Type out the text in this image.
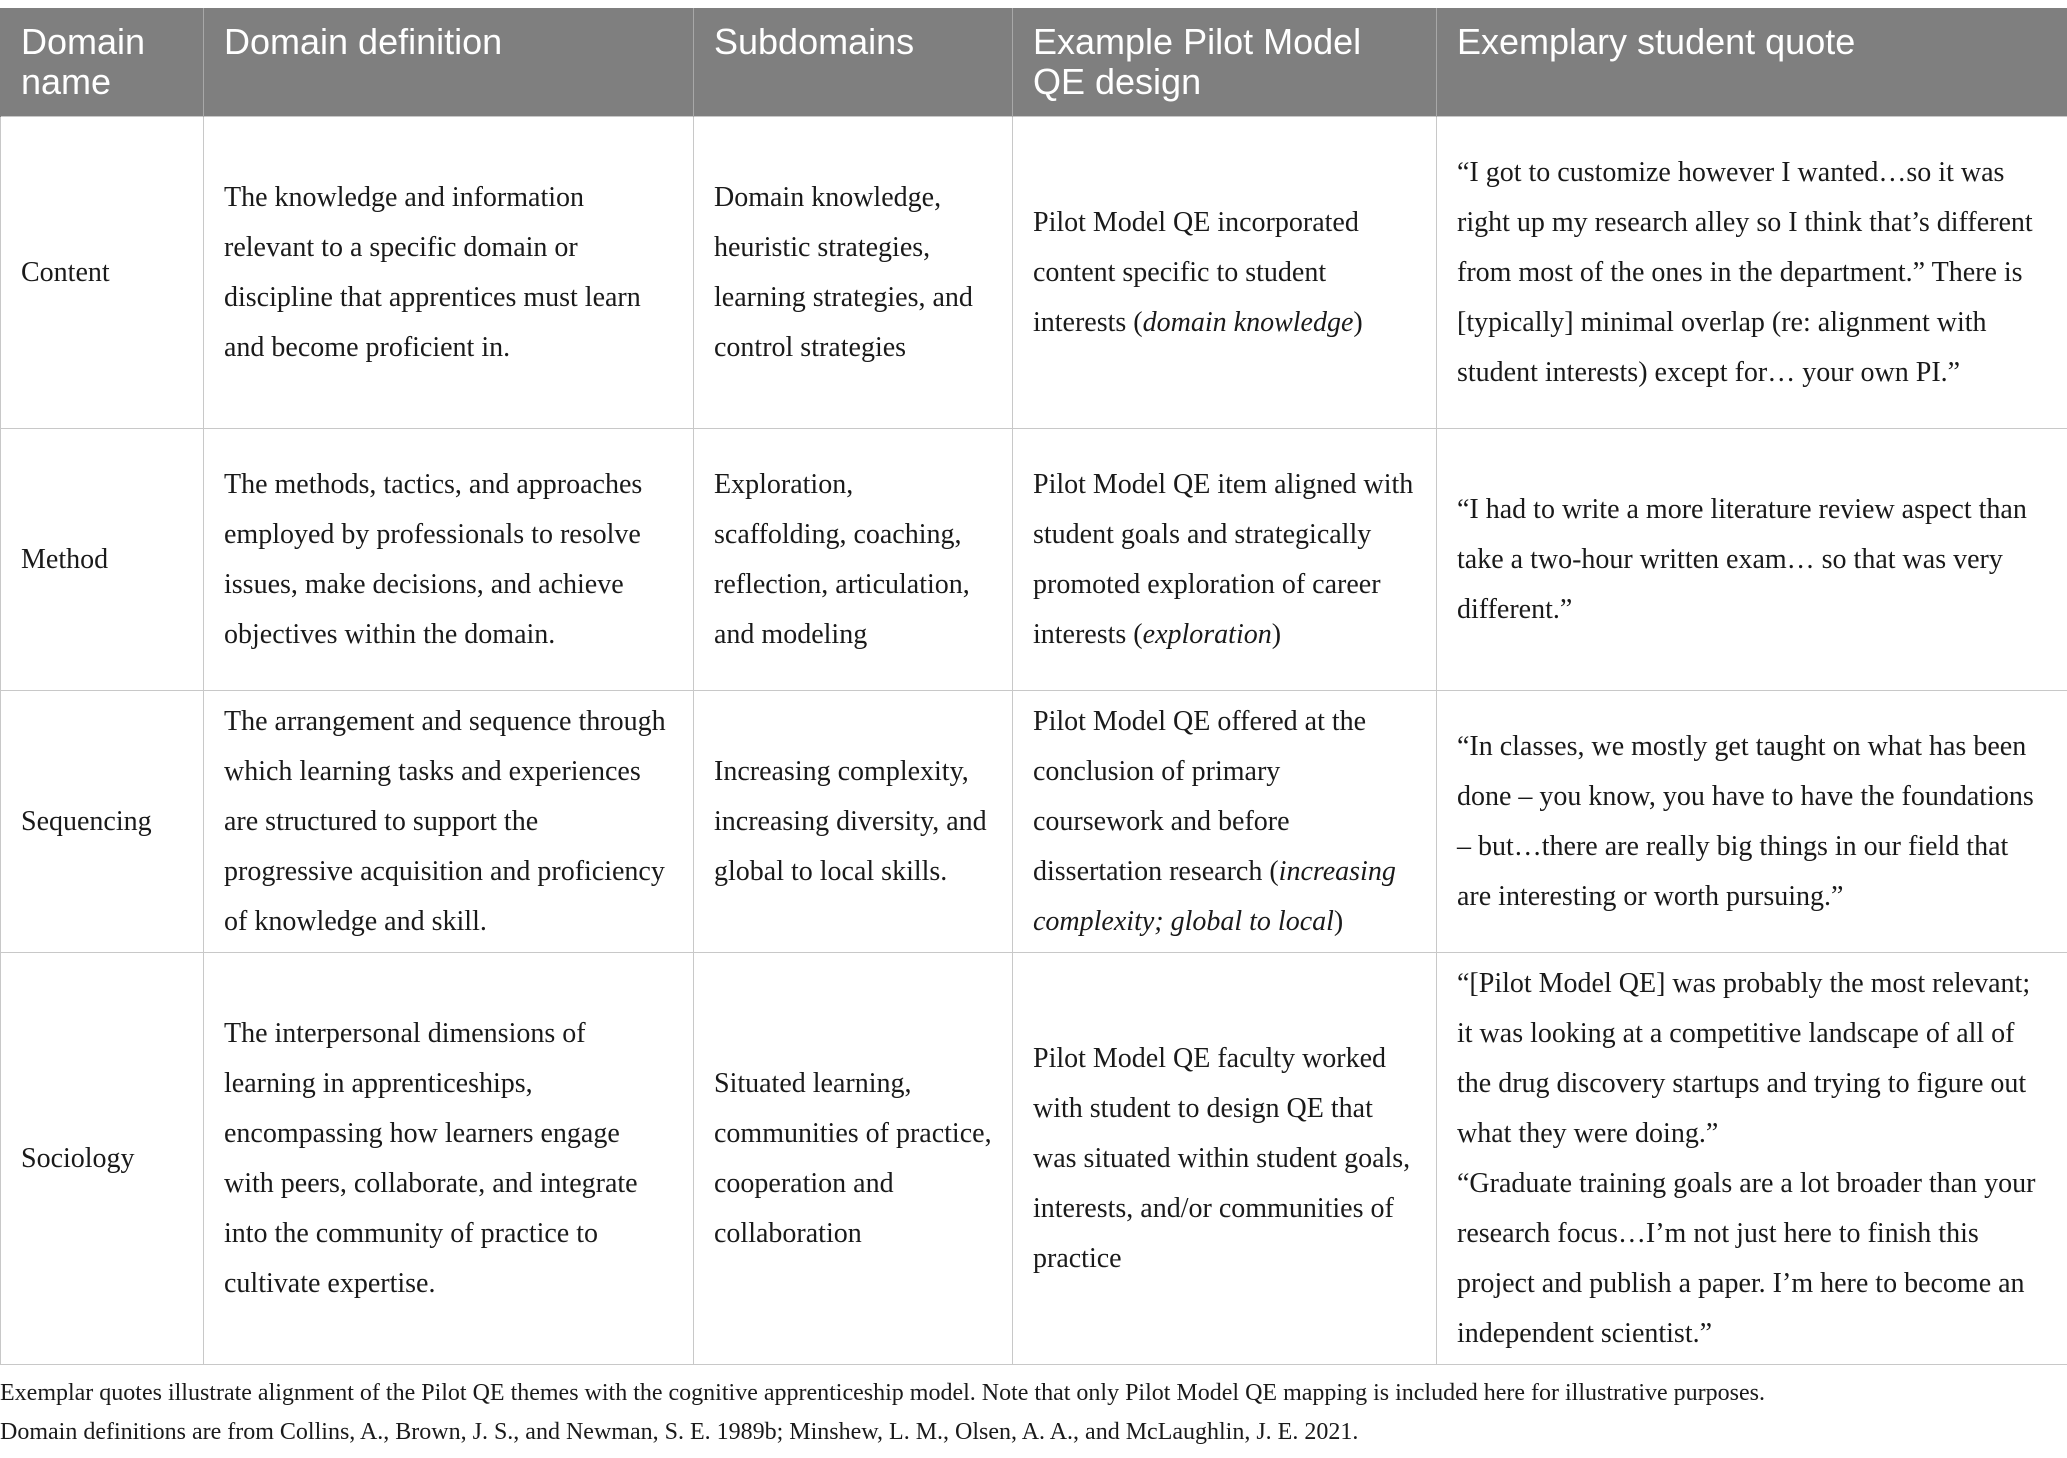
Domain name	Domain definition	Subdomains	Example Pilot Model QE design	Exemplary student quote
Content	The knowledge and information relevant to a specific domain or discipline that apprentices must learn and become proficient in.	Domain knowledge, heuristic strategies, learning strategies, and control strategies	Pilot Model QE incorporated content specific to student interests (domain knowledge)	“I got to customize however I wanted…so it was right up my research alley so I think that’s different from most of the ones in the department.” There is [typically] minimal overlap (re: alignment with student interests) except for… your own PI.”
Method	The methods, tactics, and approaches employed by professionals to resolve issues, make decisions, and achieve objectives within the domain.	Exploration, scaffolding, coaching, reflection, articulation, and modeling	Pilot Model QE item aligned with student goals and strategically promoted exploration of career interests (exploration)	“I had to write a more literature review aspect than take a two-hour written exam… so that was very different.”
Sequencing	The arrangement and sequence through which learning tasks and experiences are structured to support the progressive acquisition and proficiency of knowledge and skill.	Increasing complexity, increasing diversity, and global to local skills.	Pilot Model QE offered at the conclusion of primary coursework and before dissertation research (increasing complexity; global to local)	“In classes, we mostly get taught on what has been done – you know, you have to have the foundations – but…there are really big things in our field that are interesting or worth pursuing.”
Sociology	The interpersonal dimensions of learning in apprenticeships, encompassing how learners engage with peers, collaborate, and integrate into the community of practice to cultivate expertise.	Situated learning, communities of practice, cooperation and collaboration	Pilot Model QE faculty worked with student to design QE that was situated within student goals, interests, and/or communities of practice	“[Pilot Model QE] was probably the most relevant; it was looking at a competitive landscape of all of the drug discovery startups and trying to figure out what they were doing.”
“Graduate training goals are a lot broader than your research focus…I’m not just here to finish this project and publish a paper. I’m here to become an independent scientist.”

Exemplar quotes illustrate alignment of the Pilot QE themes with the cognitive apprenticeship model. Note that only Pilot Model QE mapping is included here for illustrative purposes.

Domain definitions are from Collins, A., Brown, J. S., and Newman, S. E. 1989b; Minshew, L. M., Olsen, A. A., and McLaughlin, J. E. 2021.
